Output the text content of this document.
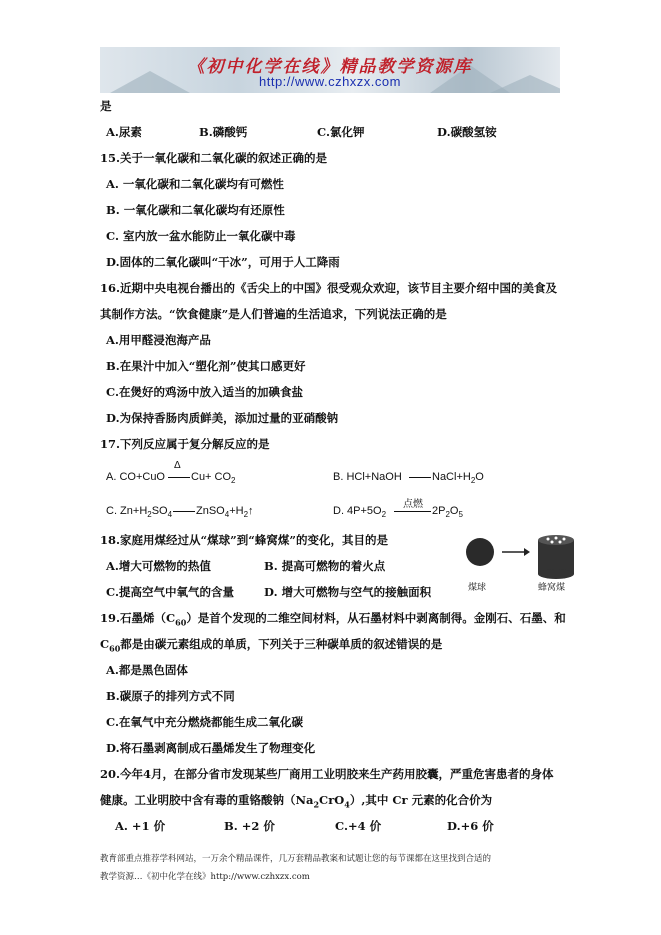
《初中化学在线》精品教学资源库
http://www.czhxzx.com
是
A.尿素	B.磷酸钙	C.氯化钾	D.碳酸氢铵
15.关于一氧化碳和二氧化碳的叙述正确的是
A. 一氧化碳和二氧化碳均有可燃性
B. 一氧化碳和二氧化碳均有还原性
C. 室内放一盆水能防止一氧化碳中毒
D.固体的二氧化碳叫“干冰”，可用于人工降雨
16.近期中央电视台播出的《舌尖上的中国》很受观众欢迎，该节目主要介绍中国的美食及
其制作方法。“饮食健康”是人们普遍的生活追求，下列说法正确的是
A.用甲醛浸泡海产品
B.在果汁中加入“塑化剂”使其口感更好
C.在煲好的鸡汤中放入适当的加碘食盐
D.为保持香肠肉质鲜美，添加过量的亚硝酸钠
17.下列反应属于复分解反应的是
A. CO+CuO
Δ
$Cu+ CO_2$	B. HCl+NaOH	$NaCl+H_2O$
C. $Zn+H_2SO_4$ $ZnSO_4+H_2↑$	D. $4P+5O_2$
点燃
$2P_2O_5$
18.家庭用煤经过从“煤球”到“蜂窝煤”的变化，其目的是
A.增大可燃物的热值	B. 提高可燃物的着火点
C.提高空气中氧气的含量	D. 增大可燃物与空气的接触面积	煤球	蜂窝煤
19.石墨烯$(C_{60})$是首个发现的二维空间材料，从石墨材料中剥离制得。金刚石、石墨、和
$C_{60}$都是由碳元素组成的单质，下列关于三种碳单质的叙述错误的是
A.都是黑色固体
B.碳原子的排列方式不同
C.在氧气中充分燃烧都能生成二氧化碳
D.将石墨剥离制成石墨烯发生了物理变化
20.今年4月，在部分省市发现某些厂商用工业明胶来生产药用胶囊，严重危害患者的身体
健康。工业明胶中含有毒的重铬酸钠$(Na_2CrO_4)$,其中 Cr 元素的化合价为
A. +1 价	B. +2 价	C.+4 价	D.+6 价
教育部重点推荐学科网站，一万余个精品课件，几万套精品教案和试题让您的每节课都在这里找到合适的
教学资源…《初中化学在线》http://www.czhxzx.com
